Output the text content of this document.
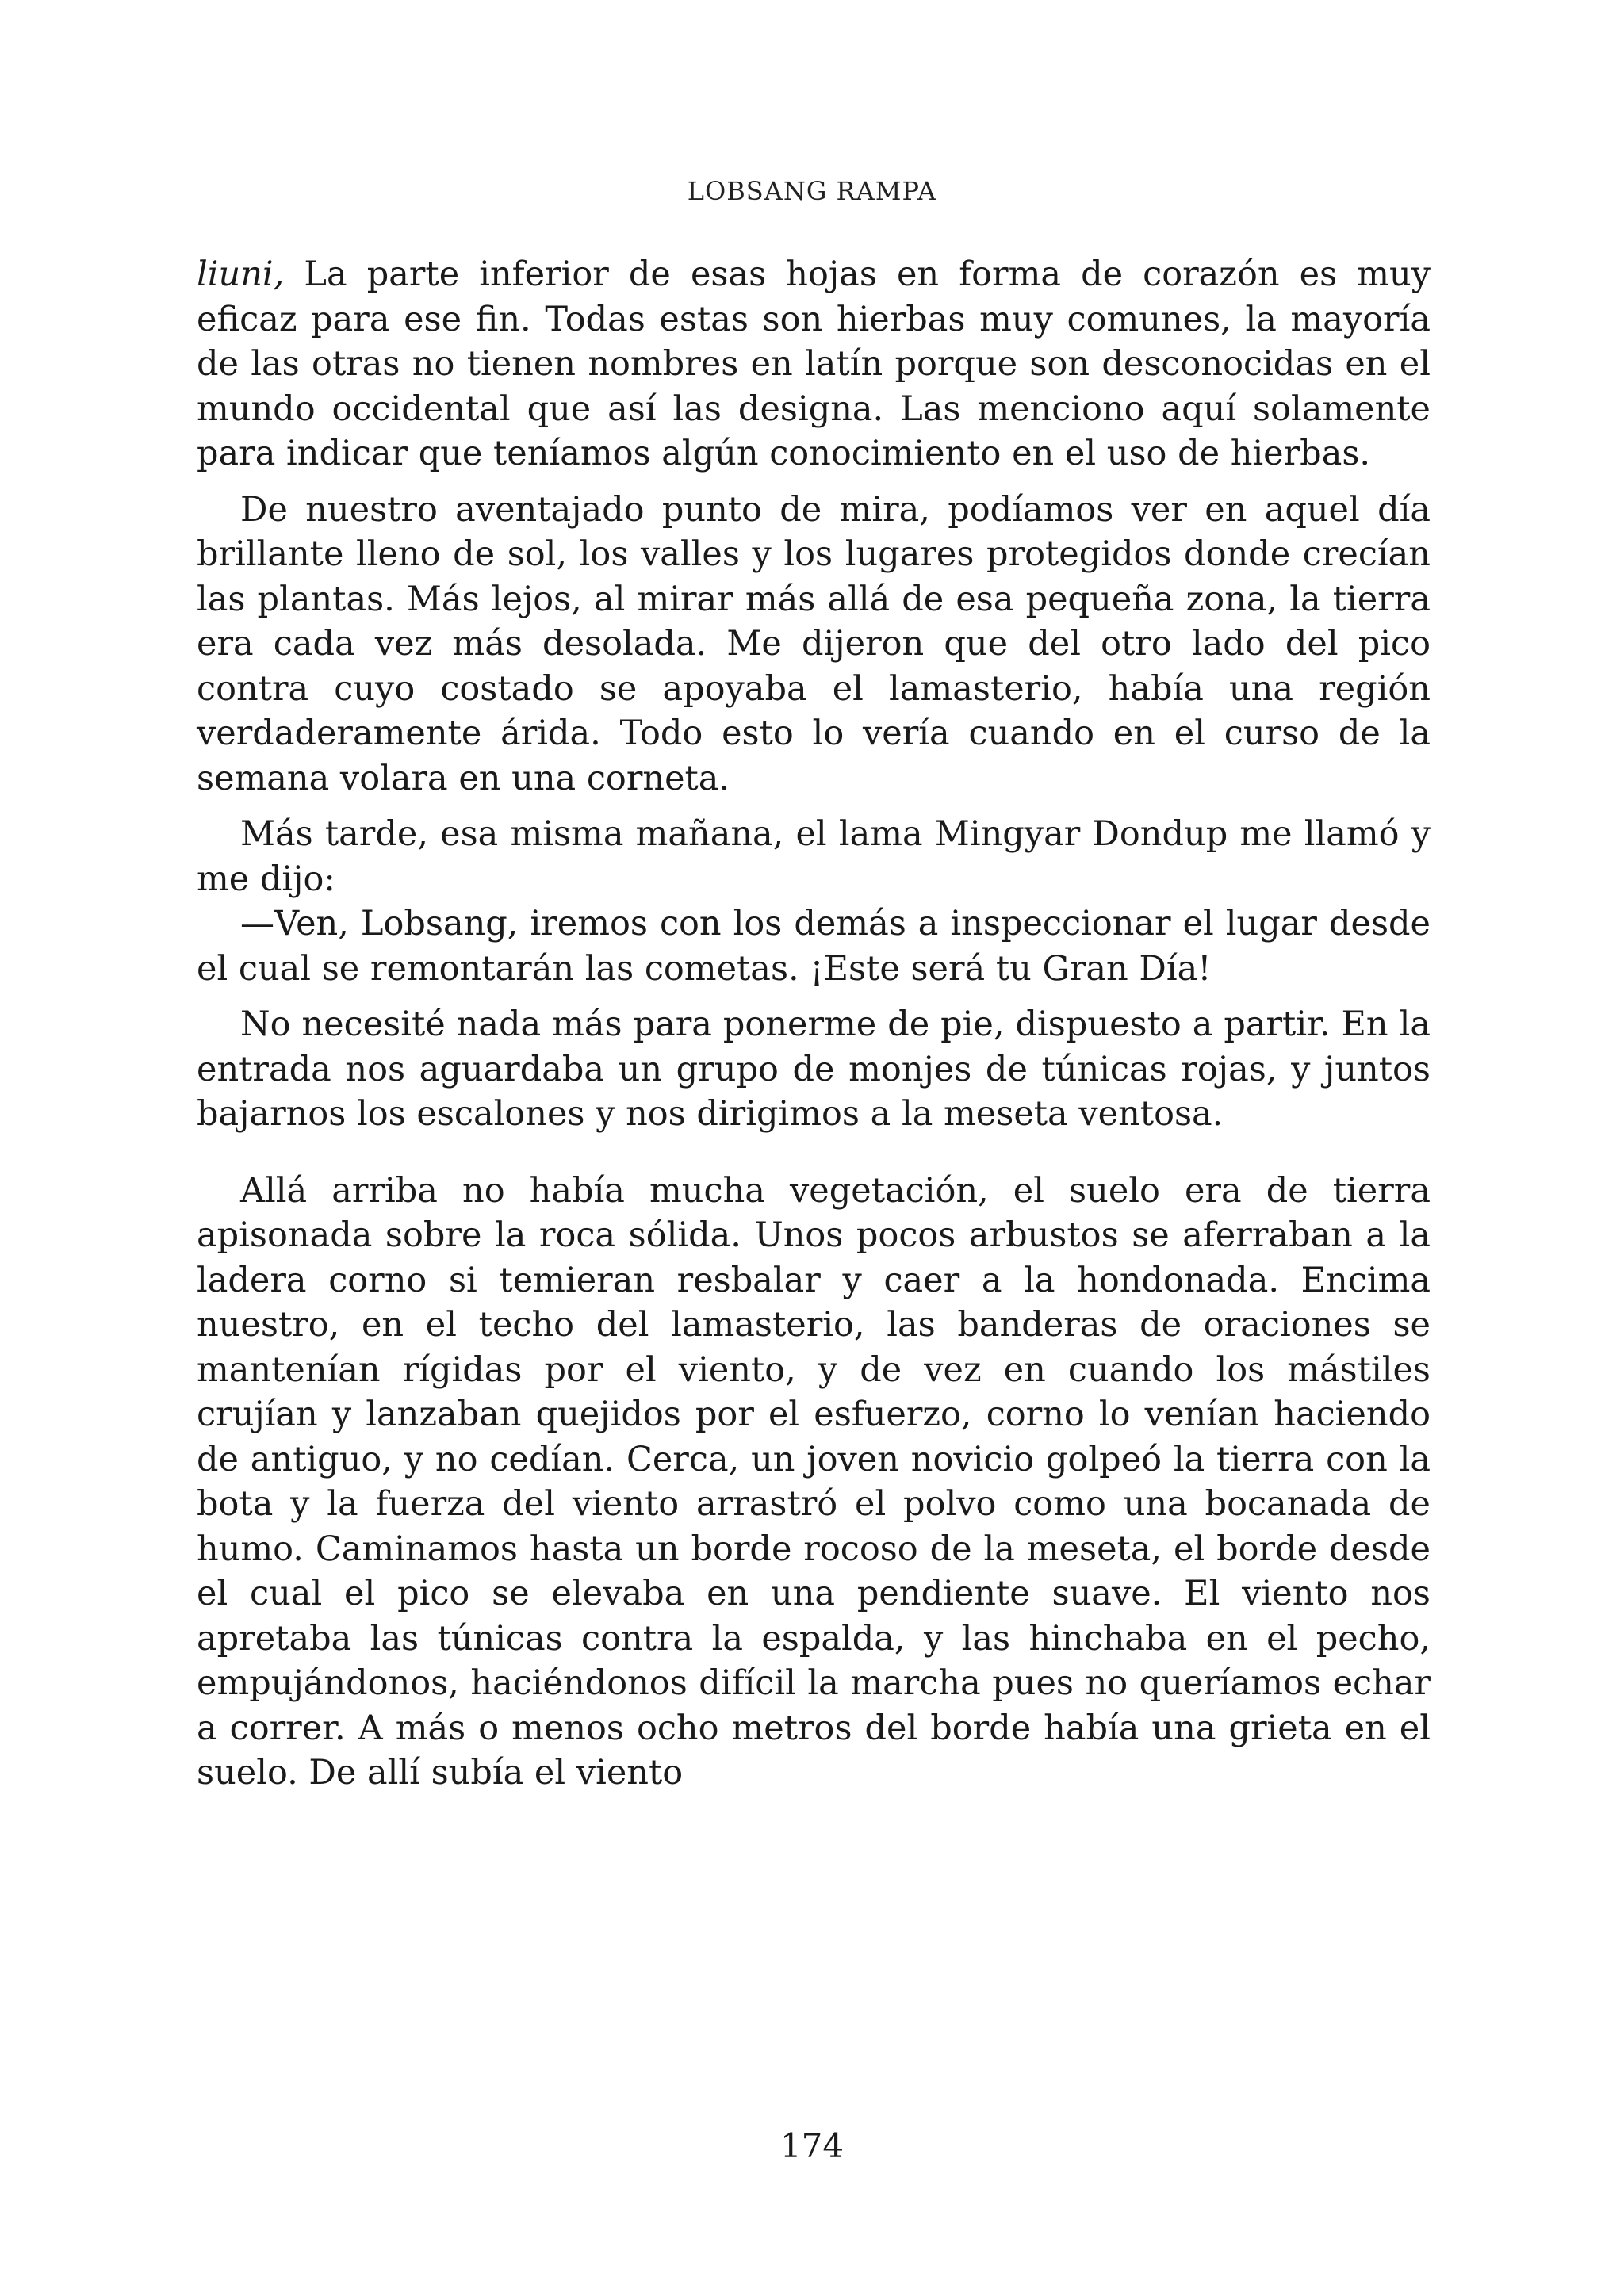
LOBSANG RAMPA

liuni, La parte inferior de esas hojas en forma de corazón es muy eficaz para ese fin. Todas estas son hierbas muy comunes, la mayoría de las otras no tienen nombres en latín porque son desconocidas en el mundo occidental que así las designa. Las menciono aquí solamente para indicar que teníamos algún conocimiento en el uso de hierbas.

De nuestro aventajado punto de mira, podíamos ver en aquel día brillante lleno de sol, los valles y los lugares protegidos donde crecían las plantas. Más lejos, al mirar más allá de esa pequeña zona, la tierra era cada vez más desolada. Me dijeron que del otro lado del pico contra cuyo costado se apoyaba el lamasterio, había una región verdaderamente árida. Todo esto lo vería cuando en el curso de la semana volara en una corneta.

Más tarde, esa misma mañana, el lama Mingyar Dondup me llamó y me dijo:

—Ven, Lobsang, iremos con los demás a inspeccionar el lugar desde el cual se remontarán las cometas. ¡Este será tu Gran Día!

No necesité nada más para ponerme de pie, dispuesto a partir. En la entrada nos aguardaba un grupo de monjes de túnicas rojas, y juntos bajarnos los escalones y nos dirigimos a la meseta ventosa.

Allá arriba no había mucha vegetación, el suelo era de tierra apisonada sobre la roca sólida. Unos pocos arbustos se aferraban a la ladera corno si temieran resbalar y caer a la hondonada. Encima nuestro, en el techo del lamasterio, las banderas de oraciones se mantenían rígidas por el viento, y de vez en cuando los mástiles crujían y lanzaban quejidos por el esfuerzo, corno lo venían haciendo de antiguo, y no cedían. Cerca, un joven novicio golpeó la tierra con la bota y la fuerza del viento arrastró el polvo como una bocanada de humo. Caminamos hasta un borde rocoso de la meseta, el borde desde el cual el pico se elevaba en una pendiente suave. El viento nos apretaba las túnicas contra la espalda, y las hinchaba en el pecho, empujándonos, haciéndonos difícil la marcha pues no queríamos echar a correr. A más o menos ocho metros del borde había una grieta en el suelo. De allí subía el viento

174
